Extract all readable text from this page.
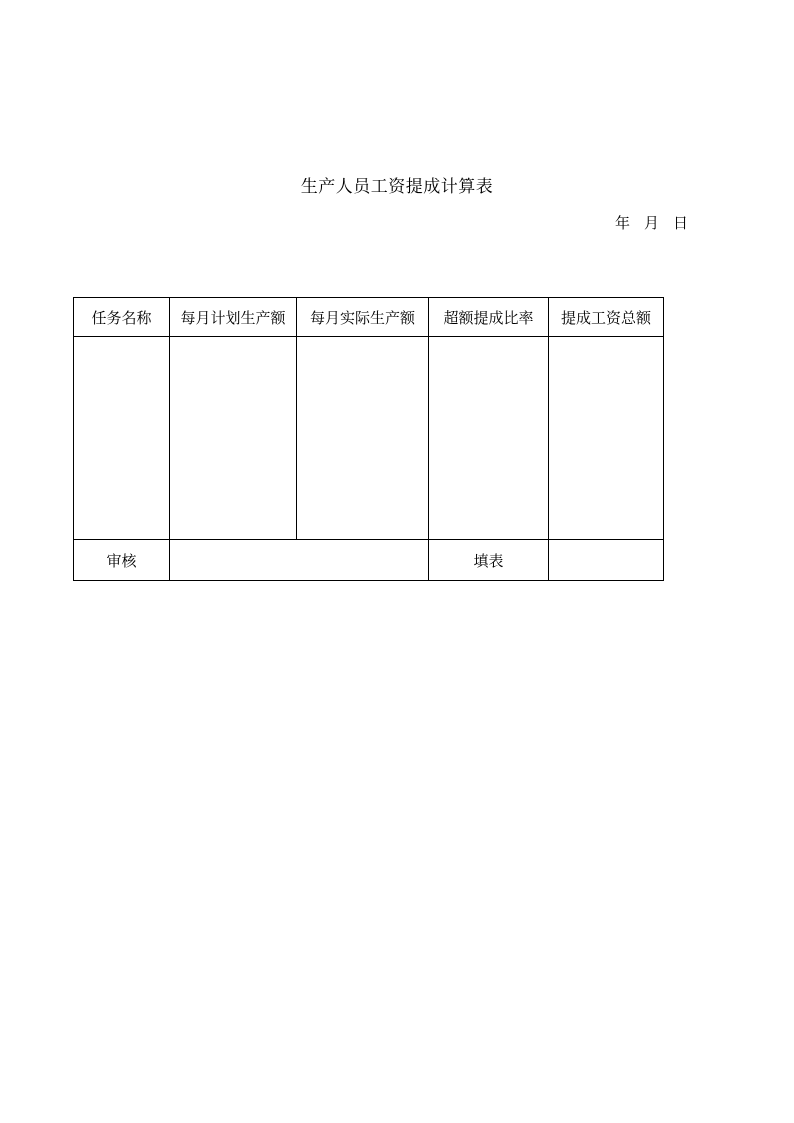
生产人员工资提成计算表
年 月 日
任务名称	每月计划生产额	每月实际生产额	超额提成比率	提成工资总额

审核			填表	
